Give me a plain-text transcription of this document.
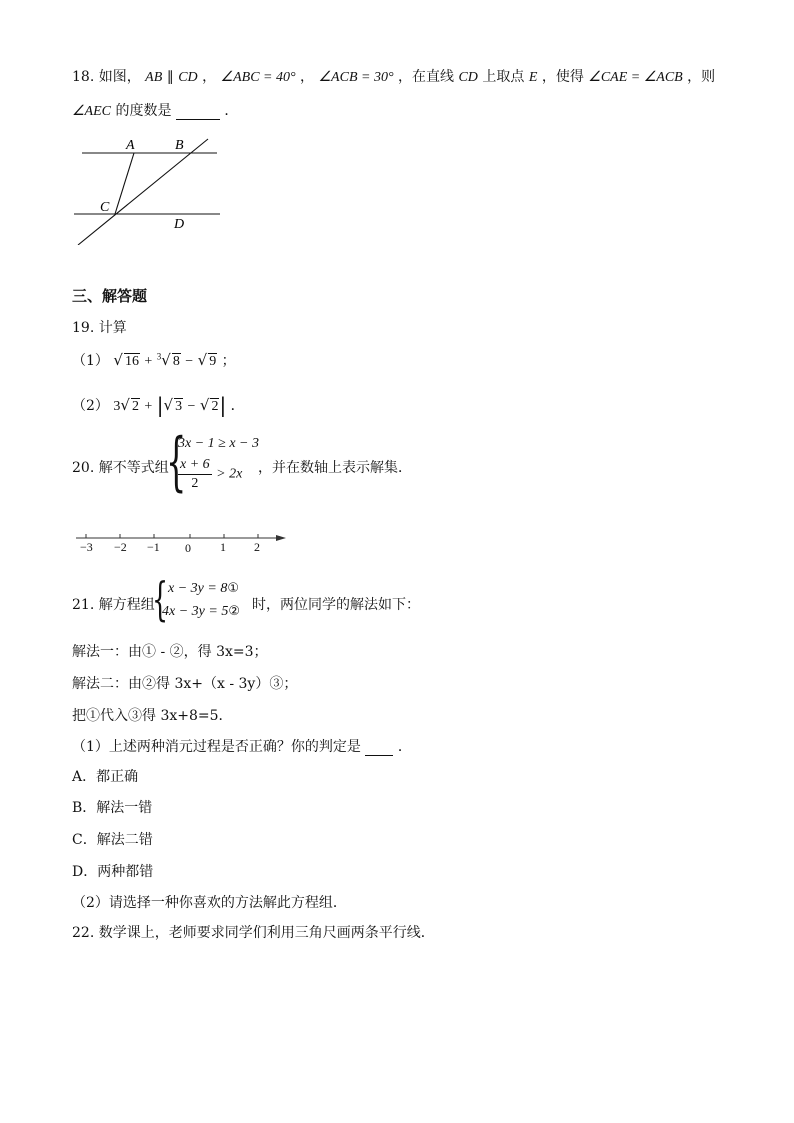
18. 如图， AB ∥ CD ， ∠ABC = 40° ， ∠ACB = 30° ，在直线 CD 上取点 E ，使得 ∠CAE = ∠ACB ，则
∠AEC 的度数是	．
A	B
C
D
三、解答题
19. 计算
（1） √ 16 + $^3$√ 8 − √ 9 ；
（2） 3√ 2 + |√ 3 − √ 2| ．
20. 解不等式组
{
3x − 1 ≥ x − 3
$\frac{x + 6}{2} > 2x$ ，并在数轴上表示解集．
−3 −2 −1 0 1 2
21. 解方程组
{ x − 3y = 8①
4x − 3y = 5② 时，两位同学的解法如下：
解法一：由① - ②，得 3x=3；
解法二：由②得 3x+（x - 3y）③；
把①代入③得 3x+8=5．
（1）上述两种消元过程是否正确？你的判定是	．
A．都正确
B．解法一错
C．解法二错
D．两种都错
（2）请选择一种你喜欢的方法解此方程组．
22. 数学课上，老师要求同学们利用三角尺画两条平行线．
